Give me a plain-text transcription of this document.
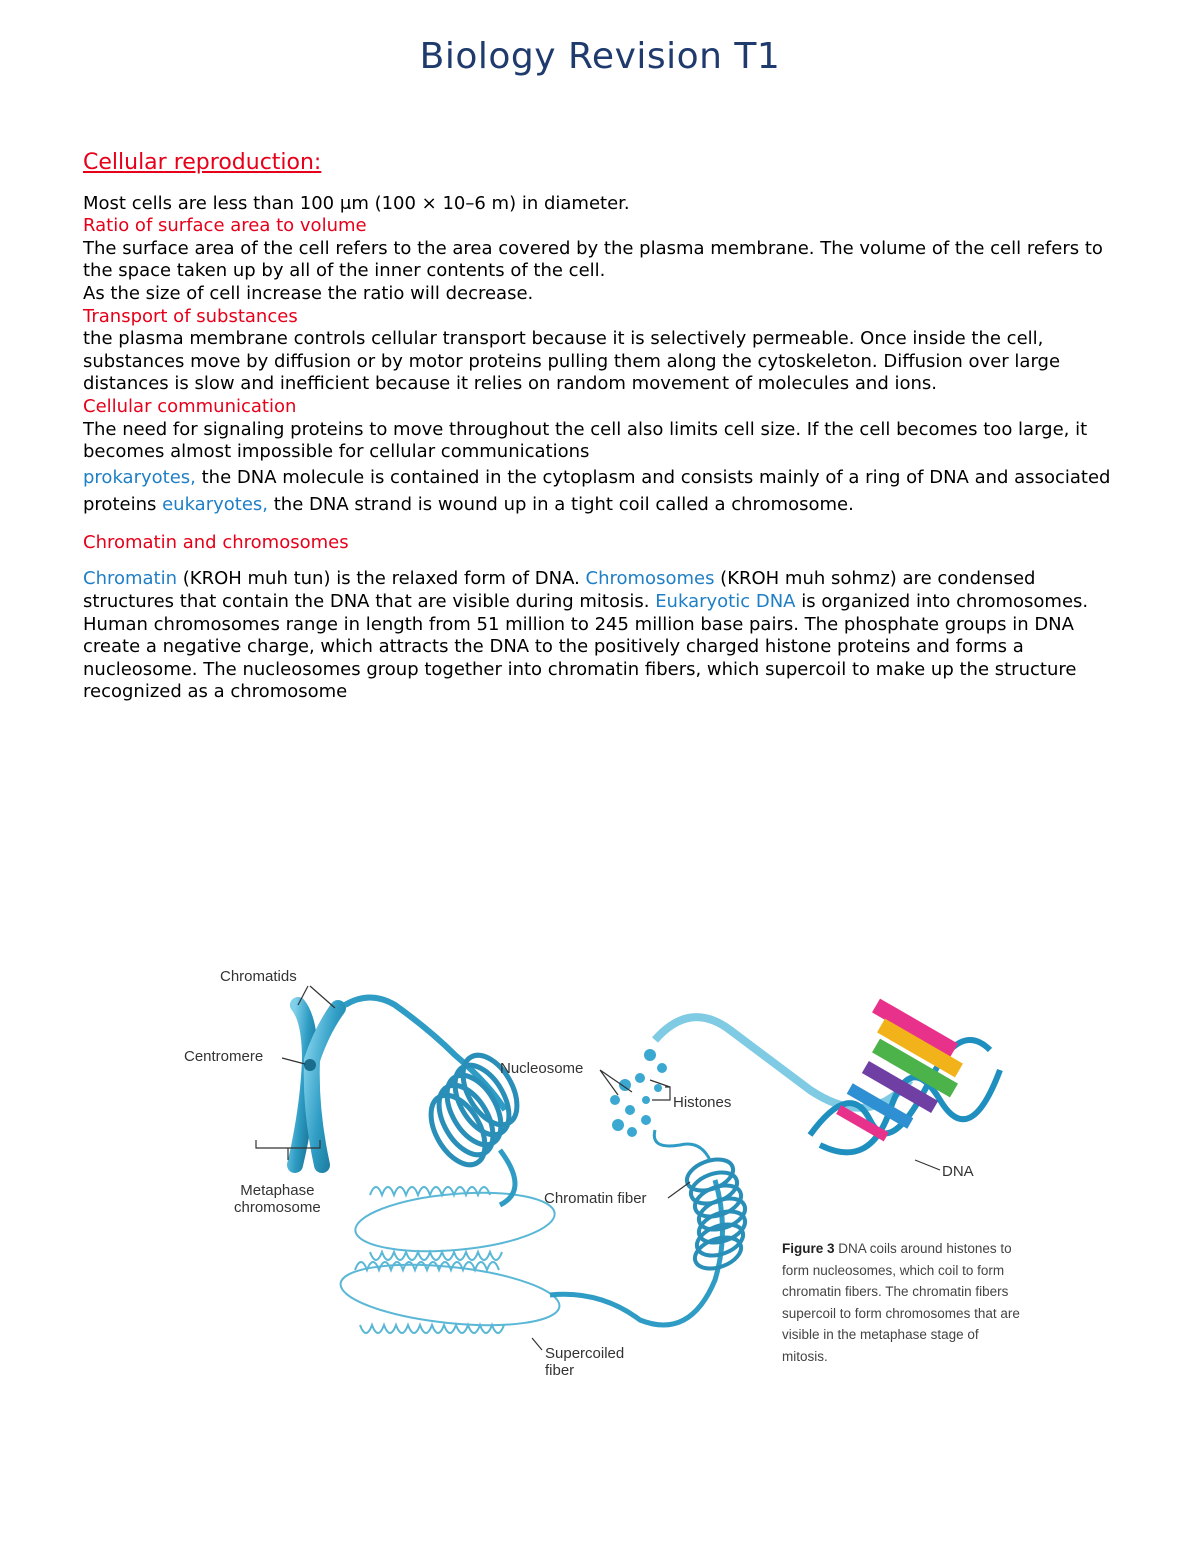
Biology Revision T1

Cellular reproduction:

Most cells are less than 100 μm (100 × 10–6 m) in diameter.

Ratio of surface area to volume

The surface area of the cell refers to the area covered by the plasma membrane. The volume of the cell refers to the space taken up by all of the inner contents of the cell.

As the size of cell increase the ratio will decrease.

Transport of substances

the plasma membrane controls cellular transport because it is selectively permeable. Once inside the cell, substances move by diffusion or by motor proteins pulling them along the cytoskeleton. Diffusion over large distances is slow and inefficient because it relies on random movement of molecules and ions.

Cellular communication

The need for signaling proteins to move throughout the cell also limits cell size. If the cell becomes too large, it becomes almost impossible for cellular communications

prokaryotes, the DNA molecule is contained in the cytoplasm and consists mainly of a ring of DNA and associated proteins eukaryotes, the DNA strand is wound up in a tight coil called a chromosome.

Chromatin and chromosomes

Chromatin (KROH muh tun) is the relaxed form of DNA. Chromosomes (KROH muh sohmz) are condensed structures that contain the DNA that are visible during mitosis. Eukaryotic DNA is organized into chromosomes. Human chromosomes range in length from 51 million to 245 million base pairs. The phosphate groups in DNA create a negative charge, which attracts the DNA to the positively charged histone proteins and forms a nucleosome. The nucleosomes group together into chromatin fibers, which supercoil to make up the structure recognized as a chromosome

Chromatids
Centromere
Metaphase
chromosome
Nucleosome
Histones
DNA
Chromatin fiber
Supercoiled
fiber
Figure 3 DNA coils around histones to form nucleosomes, which coil to form chromatin fibers. The chromatin fibers supercoil to form chromosomes that are visible in the metaphase stage of mitosis.
